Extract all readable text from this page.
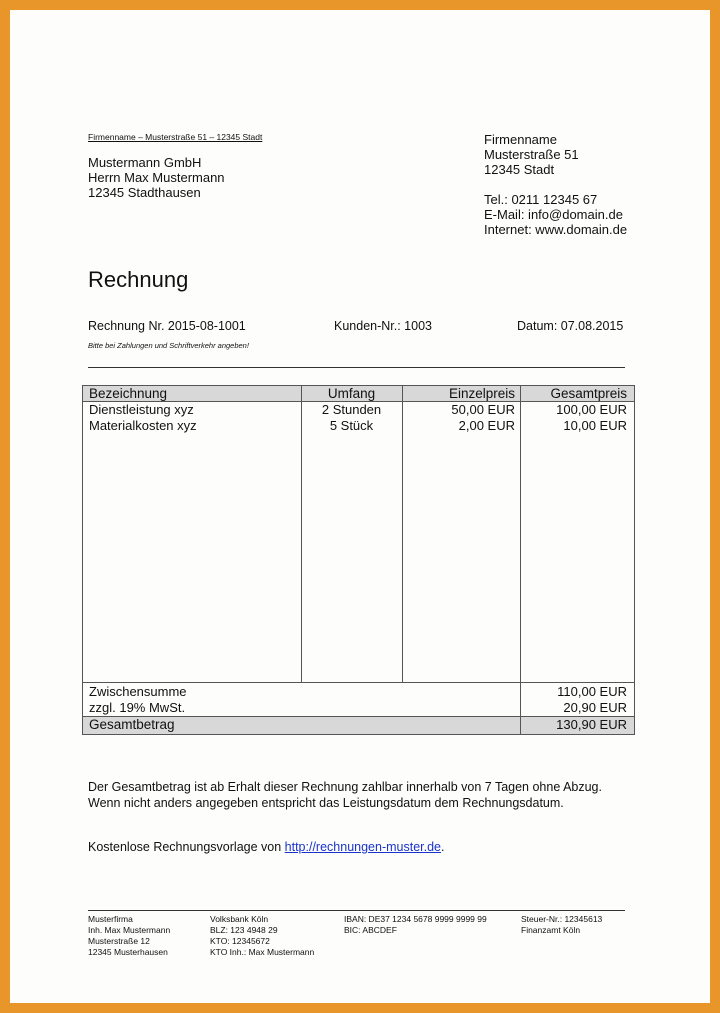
Firmenname – Musterstraße 51 – 12345 Stadt
Mustermann GmbH
Herrn Max Mustermann
12345 Stadthausen
Firmenname
Musterstraße 51
12345 Stadt
Tel.: 0211 12345 67
E-Mail: info@domain.de
Internet: www.domain.de
Rechnung
Rechnung Nr. 2015-08-1001	Kunden-Nr.: 1003	Datum: 07.08.2015
Bitte bei Zahlungen und Schriftverkehr angeben!
Bezeichnung	Umfang	Einzelpreis	Gesamtpreis
Dienstleistung xyz	2 Stunden	50,00 EUR	100,00 EUR
Materialkosten xyz	5 Stück	2,00 EUR	10,00 EUR
Zwischensumme	110,00 EUR
zzgl. 19% MwSt.	20,90 EUR
Gesamtbetrag	130,90 EUR
Der Gesamtbetrag ist ab Erhalt dieser Rechnung zahlbar innerhalb von 7 Tagen ohne Abzug.
Wenn nicht anders angegeben entspricht das Leistungsdatum dem Rechnungsdatum.
Kostenlose Rechnungsvorlage von http://rechnungen-muster.de.
Musterfirma
Inh. Max Mustermann
Musterstraße 12
12345 Musterhausen
Volksbank Köln
BLZ: 123 4948 29
KTO: 12345672
KTO Inh.: Max Mustermann
IBAN: DE37 1234 5678 9999 9999 99
BIC: ABCDEF
Steuer-Nr.: 12345613
Finanzamt Köln
